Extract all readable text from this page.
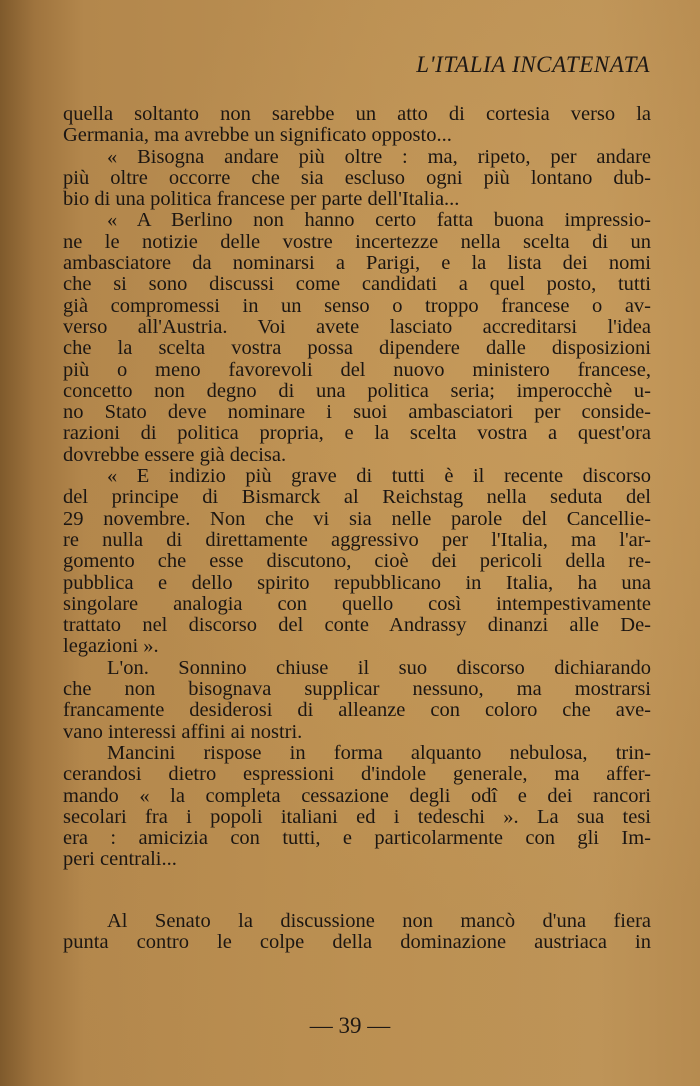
L'ITALIA INCATENATA

quella soltanto non sarebbe un atto di cortesia verso la
Germania, ma avrebbe un significato opposto...

« Bisogna andare più oltre : ma, ripeto, per andare
più oltre occorre che sia escluso ogni più lontano dub-
bio di una politica francese per parte dell'Italia...

« A Berlino non hanno certo fatta buona impressio-
ne le notizie delle vostre incertezze nella scelta di un
ambasciatore da nominarsi a Parigi, e la lista dei nomi
che si sono discussi come candidati a quel posto, tutti
già compromessi in un senso o troppo francese o av-
verso all'Austria. Voi avete lasciato accreditarsi l'idea
che la scelta vostra possa dipendere dalle disposizioni
più o meno favorevoli del nuovo ministero francese,
concetto non degno di una politica seria; imperocchè u-
no Stato deve nominare i suoi ambasciatori per conside-
razioni di politica propria, e la scelta vostra a quest'ora
dovrebbe essere già decisa.

« E indizio più grave di tutti è il recente discorso
del principe di Bismarck al Reichstag nella seduta del
29 novembre. Non che vi sia nelle parole del Cancellie-
re nulla di direttamente aggressivo per l'Italia, ma l'ar-
gomento che esse discutono, cioè dei pericoli della re-
pubblica e dello spirito repubblicano in Italia, ha una
singolare analogia con quello così intempestivamente
trattato nel discorso del conte Andrassy dinanzi alle De-
legazioni ».

L'on. Sonnino chiuse il suo discorso dichiarando
che non bisognava supplicar nessuno, ma mostrarsi
francamente desiderosi di alleanze con coloro che ave-
vano interessi affini ai nostri.

Mancini rispose in forma alquanto nebulosa, trin-
cerandosi dietro espressioni d'indole generale, ma affer-
mando « la completa cessazione degli odî e dei rancori
secolari fra i popoli italiani ed i tedeschi ». La sua tesi
era : amicizia con tutti, e particolarmente con gli Im-
peri centrali...

Al Senato la discussione non mancò d'una fiera
punta contro le colpe della dominazione austriaca in

— 39 —
